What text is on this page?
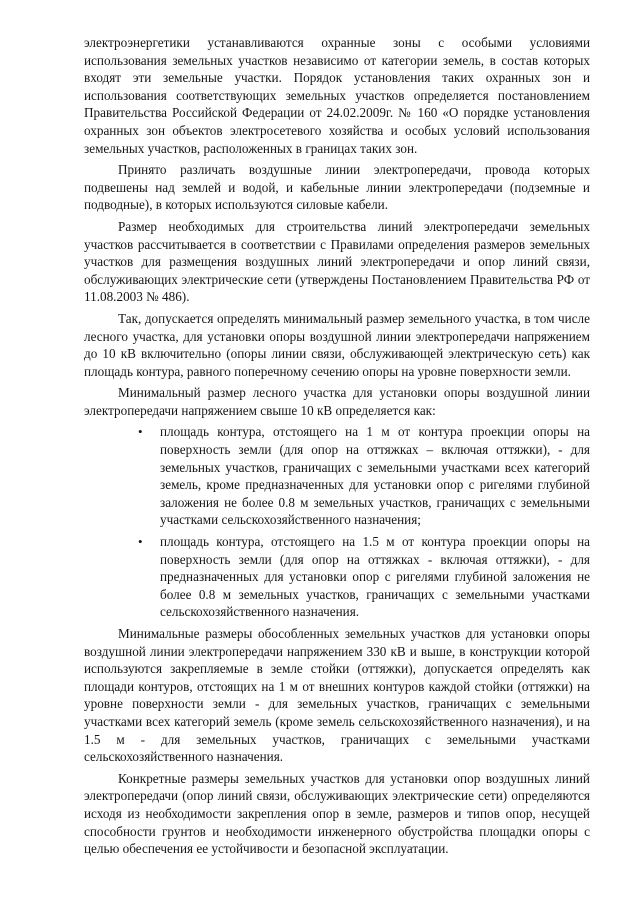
электроэнергетики устанавливаются охранные зоны с особыми условиями использования земельных участков независимо от категории земель, в состав которых входят эти земельные участки. Порядок установления таких охранных зон и использования соответствующих земельных участков определяется постановлением Правительства Российской Федерации от 24.02.2009г. № 160 «О порядке установления охранных зон объектов электросетевого хозяйства и особых условий использования земельных участков, расположенных в границах таких зон.

Принято различать воздушные линии электропередачи, провода которых подвешены над землей и водой, и кабельные линии электропередачи (подземные и подводные), в которых используются силовые кабели.

Размер необходимых для строительства линий электропередачи земельных участков рассчитывается в соответствии с Правилами определения размеров земельных участков для размещения воздушных линий электропередачи и опор линий связи, обслуживающих электрические сети (утверждены Постановлением Правительства РФ от 11.08.2003 № 486).

Так, допускается определять минимальный размер земельного участка, в том числе лесного участка, для установки опоры воздушной линии электропередачи напряжением до 10 кВ включительно (опоры линии связи, обслуживающей электрическую сеть) как площадь контура, равного поперечному сечению опоры на уровне поверхности земли.

Минимальный размер лесного участка для установки опоры воздушной линии электропередачи напряжением свыше 10 кВ определяется как:

• площадь контура, отстоящего на 1 м от контура проекции опоры на поверхность земли (для опор на оттяжках – включая оттяжки), - для земельных участков, граничащих с земельными участками всех категорий земель, кроме предназначенных для установки опор с ригелями глубиной заложения не более 0.8 м земельных участков, граничащих с земельными участками сельскохозяйственного назначения;
• площадь контура, отстоящего на 1.5 м от контура проекции опоры на поверхность земли (для опор на оттяжках - включая оттяжки), - для предназначенных для установки опор с ригелями глубиной заложения не более 0.8 м земельных участков, граничащих с земельными участками сельскохозяйственного назначения.

Минимальные размеры обособленных земельных участков для установки опоры воздушной линии электропередачи напряжением 330 кВ и выше, в конструкции которой используются закрепляемые в земле стойки (оттяжки), допускается определять как площади контуров, отстоящих на 1 м от внешних контуров каждой стойки (оттяжки) на уровне поверхности земли - для земельных участков, граничащих с земельными участками всех категорий земель (кроме земель сельскохозяйственного назначения), и на 1.5 м - для земельных участков, граничащих с земельными участками сельскохозяйственного назначения.

Конкретные размеры земельных участков для установки опор воздушных линий электропередачи (опор линий связи, обслуживающих электрические сети) определяются исходя из необходимости закрепления опор в земле, размеров и типов опор, несущей способности грунтов и необходимости инженерного обустройства площадки опоры с целью обеспечения ее устойчивости и безопасной эксплуатации.
